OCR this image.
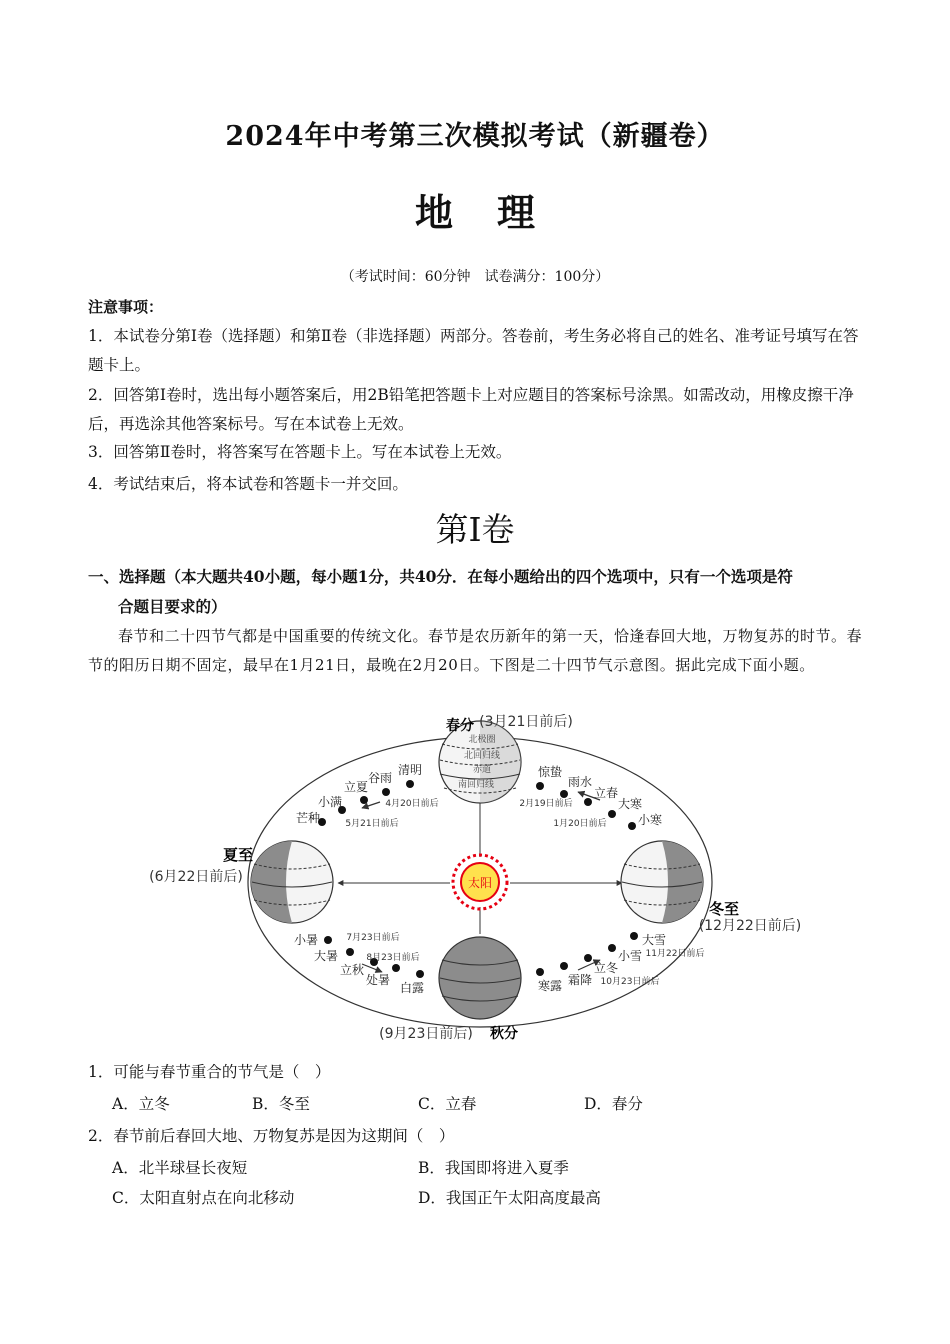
2024年中考第三次模拟考试（新疆卷）
地理
（考试时间：60分钟　试卷满分：100分）
注意事项：
1．本试卷分第Ⅰ卷（选择题）和第Ⅱ卷（非选择题）两部分。答卷前，考生务必将自己的姓名、准考证号填写在答题卡上。
2．回答第Ⅰ卷时，选出每小题答案后，用2B铅笔把答题卡上对应题目的答案标号涂黑。如需改动，用橡皮擦干净后，再选涂其他答案标号。写在本试卷上无效。
3．回答第Ⅱ卷时，将答案写在答题卡上。写在本试卷上无效。
4．考试结束后，将本试卷和答题卡一并交回。
第Ⅰ卷
一、选择题（本大题共40小题，每小题1分，共40分．在每小题给出的四个选项中，只有一个选项是符
合题目要求的）
春节和二十四节气都是中国重要的传统文化。春节是农历新年的第一天，恰逢春回大地，万物复苏的时节。春节的阳历日期不固定，最早在1月21日，最晚在2月20日。下图是二十四节气示意图。据此完成下面小题。
太阳
北极圈
北回归线
赤道
南回归线
春分 (3月21日前后)
夏至
(6月22日前后)
冬至
(12月22日前后)
(9月23日前后) 秋分
清明
谷雨
立夏
小满
芒种
惊蛰
雨水
立春
大寒
小寒
小暑
大暑
立秋
处暑
白露	寒露 霜降
立冬
小雪
大雪
4月20日前后
5月21日前后
2月19日前后
1月20日前后
7月23日前后
8月23日前后	11月22日前后
10月23日前后
1．可能与春节重合的节气是（　）
A．立冬	B．冬至	C．立春	D．春分
2．春节前后春回大地、万物复苏是因为这期间（　）
A．北半球昼长夜短	B．我国即将进入夏季
C．太阳直射点在向北移动	D．我国正午太阳高度最高
